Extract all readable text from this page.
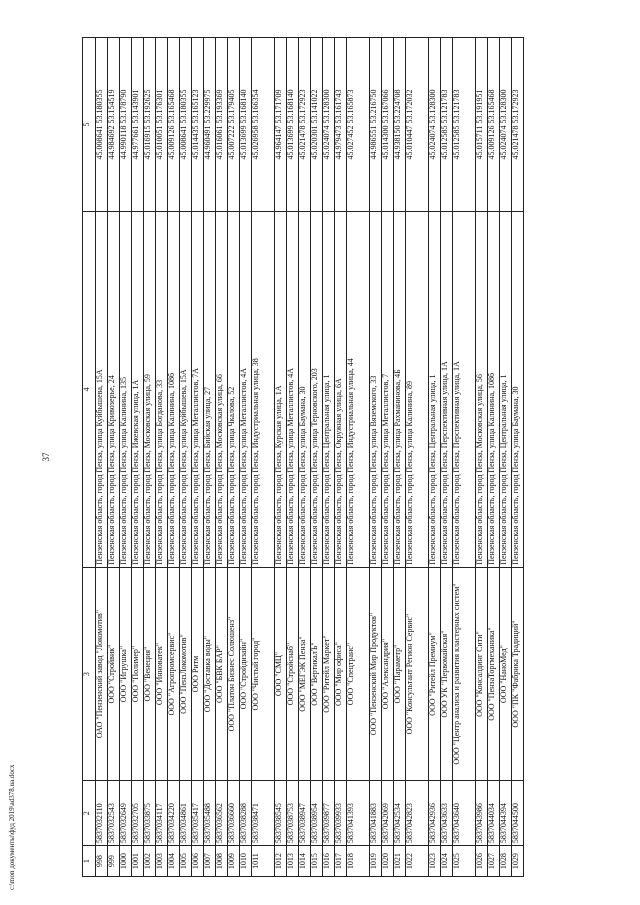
37
c:\mon документы\фуд 2019\ad378.ua.docx	1	2	3	4	5
998	5837032110	ОАО "Пензенский завод "Локомотив"	Пензенская область, город Пенза, улица Куйбышева, 15А	45.008641 53.180355
999	5837032543	ООО "Стройвик"	Пензенская область, город Пенза, улица Кривозерье, 24	44.984692 53.154519
1000	5837032649	ООО "Игрушка"	Пензенская область, город Пенза, улица Калинина, 135	44.990118 53.178790
1001	5837032705	ООО "Полимер"	Пензенская область, город Пенза, Ижевская улица, 1А	44.977661 53.143901
1002	5837033875	ООО "Венеция"	Пензенская область, город Пенза, Московская улица, 59	45.016915 53.192625
1003	5837034117	ООО "Инноватек"	Пензенская область, город Пенза, улица Богданова, 33	45.010051 53.176301
1004	5837034220	ООО "Агропромсервис"	Пензенская область, город Пенза, улица Калинина, 108б	45.009126 53.165468
1005	5837034861	ООО "ПензЛокомотив"	Пензенская область, город Пенза, улица Куйбышева, 15А	45.008641 53.180355
1006	5837035417	ООО Ритм	Пензенская область, город Пенза, улица Металлистов, 7А	45.014435 53.165123
1007	5837035488	ООО "Доставка воды"	Пензенская область, город Пенза, Бийская улица, 27	44.960491 53.229975
1008	5837036562	ООО "БВК БАР"	Пензенская область, город Пенза, Московская улица, 66	45.016061 53.193369
1009	5837036660	ООО "Платон Бизнес Солюшенз"	Пензенская область, город Пенза, улица Чкалова, 52	45.007222 53.179405
1010	5837038288	ООО "Стройдизайн"	Пензенская область, город Пенза, улица Металлистов, 4А	45.013699 53.168140
1011	5837038471	ООО "Чистый город"	Пензенская область, город Пенза, Индустриальная улица, 38	45.026958 53.166354
1012	5837038545	ООО "СМЦ"	Пензенская область, город Пенза, Курская улица, 1А	44.964147 53.171709
1013	5837038753	ООО "Стройснаб"	Пензенская область, город Пенза, улица Металлистов, 4А	45.013699 53.168140
1014	5837038947	ООО "МЕГЭК Пенза"	Пензенская область, город Пенза, улица Баумана, 30	45.021478 53.172923
1015	5837038954	ООО "ВертикалЪ"	Пензенская область, город Пенза, улица Терновского, 203	45.020301 53.141022
1016	5837039877	ООО "Ритейл Маркет"	Пензенская область, город Пенза, Центральная улица, 1	45.024074 53.128300
1017	5837039933	ООО "Мир офиса"	Пензенская область, город Пенза, Окружная улица, 6А	44.979473 53.161743
1018	5837041393	ООО "Спецтранс"	Пензенская область, город Пенза, Индустриальная улица, 44	45.027452 53.165873
1019	5837041883	ООО "Пензенский Мир Продуктов"	Пензенская область, город Пенза, улица Вяземского, 33	44.986551 53.216750
1020	5837042069	ООО "Александрия"	Пензенская область, город Пенза, улица Металлистов, 7	45.014300 53.167066
1021	5837042534	ООО "Параметр"	Пензенская область, город Пенза, улица Рахманинова, 4Б	44.938150 53.224708
1022	5837042823	ООО "Консультант Регион Сервис"	Пензенская область, город Пенза, улица Калинина, 89	45.010447 53.172032
1023	5837042936	ООО "Ритейл Премиум"	Пензенская область, город Пенза, Центральная улица, 1	45.024074 53.128300
1024	5837043633	ООО УК "Первомайская"	Пензенская область, город Пенза, Перспективная улица, 1А	45.012585 53.121783
1025	5837043640	ООО "Центр анализа и развития кластерных систем"	Пензенская область, город Пенза, Перспективная улица, 1А	45.012585 53.121783
1026	5837043986	ООО "Консалдинг Сити"	Пензенская область, город Пенза, Московская улица, 56	45.015711 53.191951
1027	5837044034	ООО "ПензаТоргмеханика"	Пензенская область, город Пенза, улица Калинина, 108б	45.009126 53.165468
1028	5837044394	ООО "НаноМед"	Пензенская область, город Пенза, Центральная улица, 1	45.024074 53.128300
1029	5837044500	ООО "ПК "Фабрика Традиций"	Пензенская область, город Пенза, улица Баумана, 30	45.021478 53.172923
